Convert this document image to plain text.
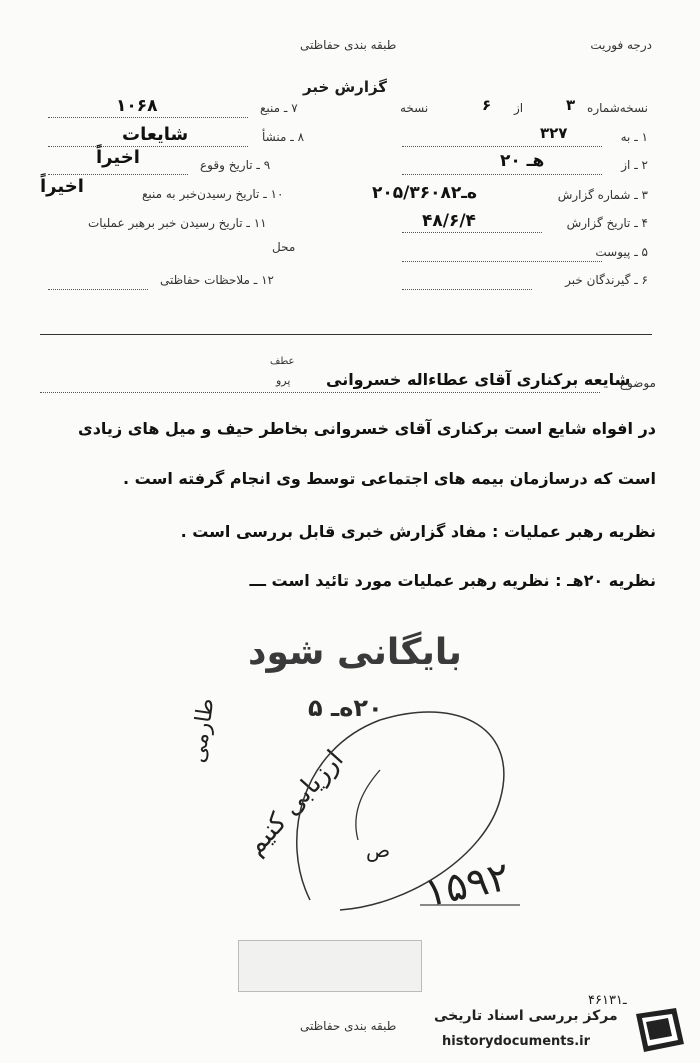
درجه فوریت
طبقه بندی حفاظتی
گزارش خبر
نسخه‌شماره
۳
از
۶
نسخه
۱ ـ به
۳۲۷
۲ ـ از
۲۰ هـ
۳ ـ شماره گزارش
۲۰ه‌ـ۵/۳۶۰۸۲
۴ ـ تاریخ گزارش
۴۸/۶/۴
۵ ـ پیوست
۶ ـ گیرندگان خبر
۷ ـ منبع
۱۰۶۸
۸ ـ منشأ
شایعات
۹ ـ تاریخ وقوع
اخیراً
۱۰ ـ تاریخ رسیدن‌خبر به منبع
اخیراً
۱۱ ـ تاریخ رسیدن خبر برهبر عملیات
محل
۱۲ ـ ملاحظات حفاظتی
عطف
موضوع
شایعه برکناری آقای عطاءاله خسروانی
پرو
در افواه شایع است برکناری آقای خسروانی بخاطر حیف و میل های زیادی
است که درسازمان بیمه های اجتماعی توسط وی انجام گرفته است .
نظریه رهبر عملیات : مفاد گزارش خبری قابل بررسی است .
نظریه ۲۰هـ : نظریه رهبر عملیات مورد تائید است ـــ
بایگانی شود
۲۰ه‌ـ ۵
طارمی
ارزیابی کنیم ص
۱۵۹۲
۴۶ـ۱۳۱
طبقه بندی حفاظتی
مرکز بررسی اسناد تاریخی
historydocuments.ir
